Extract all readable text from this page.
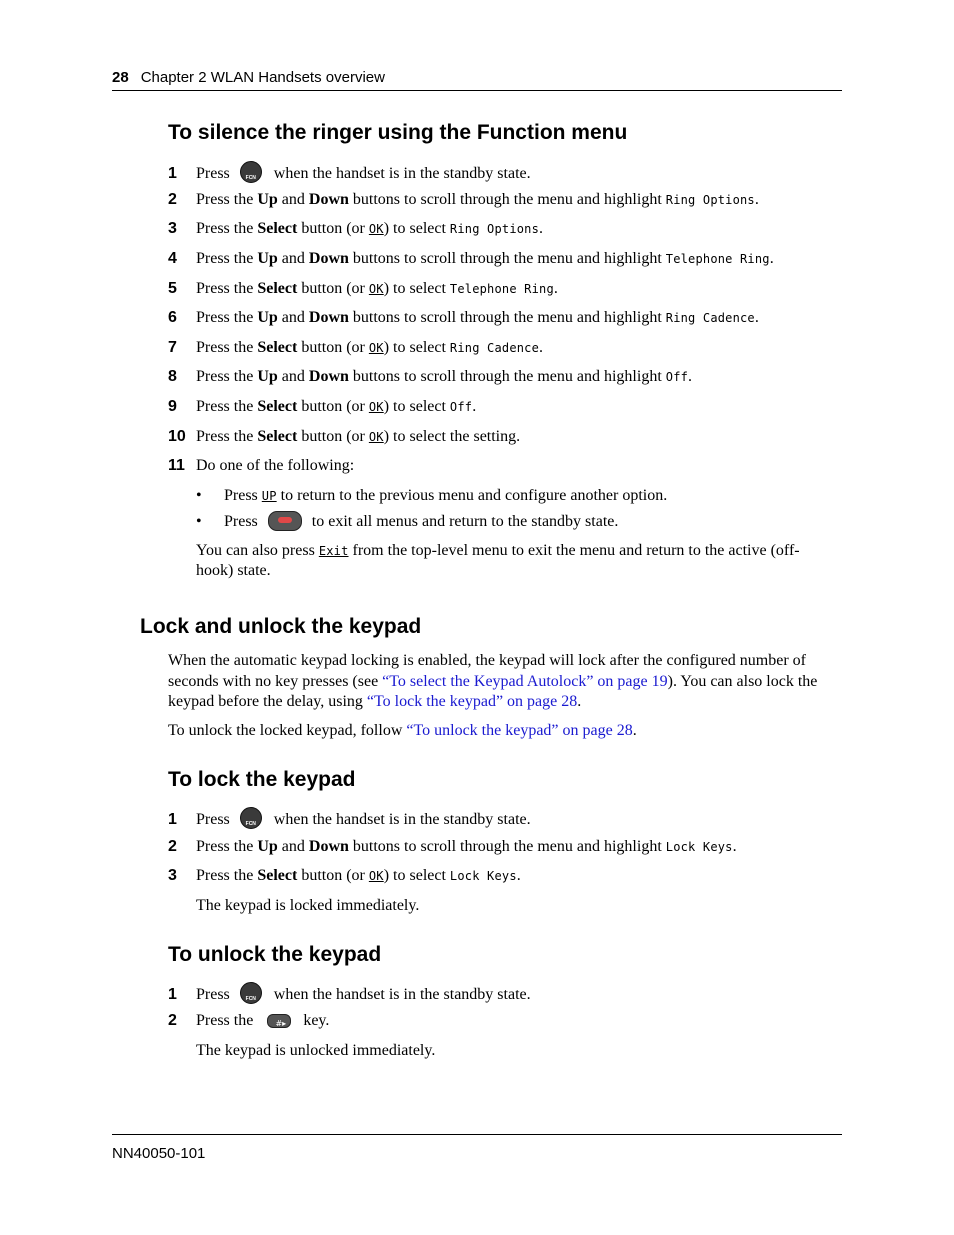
28 Chapter 2 WLAN Handsets overview
To silence the ringer using the Function menu
1 Press	FCN	when the handset is in the standby state.
2 Press the Up and Down buttons to scroll through the menu and highlight Ring Options.
3 Press the Select button (or OK) to select Ring Options.
4 Press the Up and Down buttons to scroll through the menu and highlight Telephone Ring.
5 Press the Select button (or OK) to select Telephone Ring.
6 Press the Up and Down buttons to scroll through the menu and highlight Ring Cadence.
7 Press the Select button (or OK) to select Ring Cadence.
8 Press the Up and Down buttons to scroll through the menu and highlight Off.
9 Press the Select button (or OK) to select Off.
10 Press the Select button (or OK) to select the setting.
11 Do one of the following:
• Press UP to return to the previous menu and configure another option.
• Press	to exit all menus and return to the standby state.
You can also press Exit from the top-level menu to exit the menu and return to the active (off-hook) state.
Lock and unlock the keypad
When the automatic keypad locking is enabled, the keypad will lock after the configured number of seconds with no key presses (see “To select the Keypad Autolock” on page 19). You can also lock the keypad before the delay, using “To lock the keypad” on page 28.
To unlock the locked keypad, follow “To unlock the keypad” on page 28.
To lock the keypad
1 Press	FCN	when the handset is in the standby state.
2 Press the Up and Down buttons to scroll through the menu and highlight Lock Keys.
3 Press the Select button (or OK) to select Lock Keys.
The keypad is locked immediately.
To unlock the keypad
1 Press	FCN	when the handset is in the standby state.
2 Press the	#▸ key.
The keypad is unlocked immediately.
NN40050-101
